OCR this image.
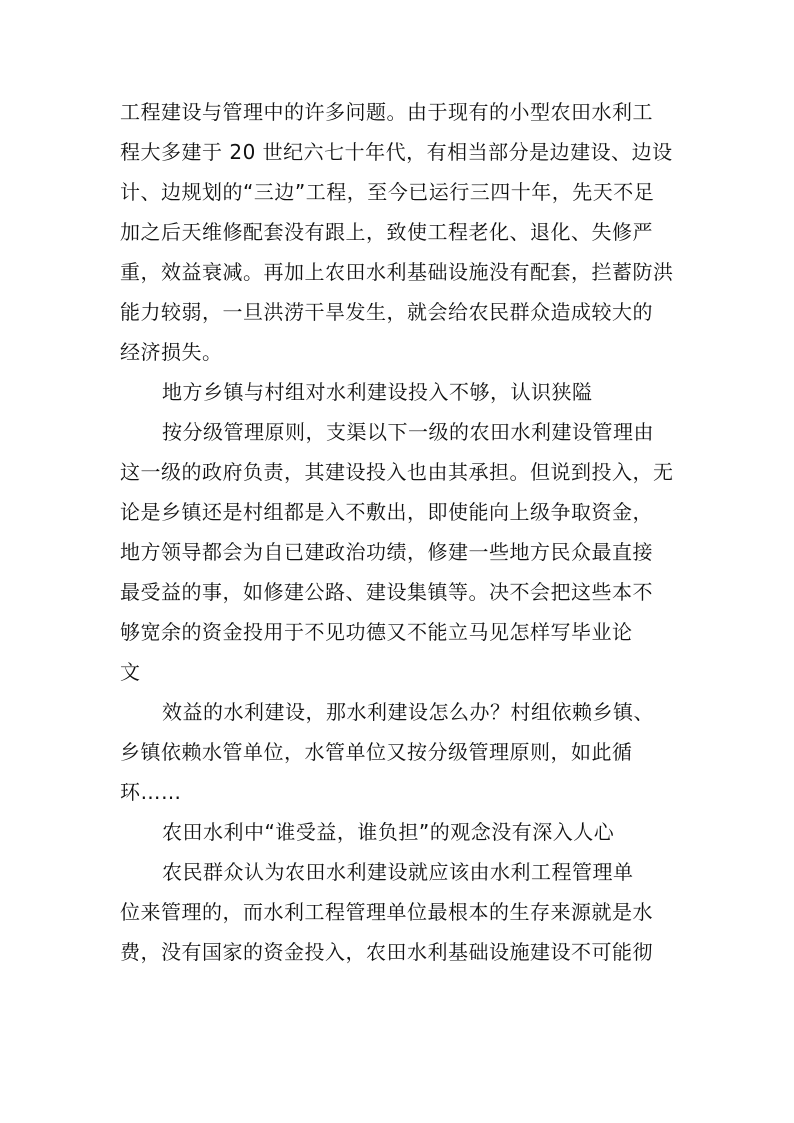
工程建设与管理中的许多问题。由于现有的小型农田水利工
程大多建于 20 世纪六七十年代，有相当部分是边建设、边设
计、边规划的“三边”工程，至今已运行三四十年，先天不足
加之后天维修配套没有跟上，致使工程老化、退化、失修严
重，效益衰减。再加上农田水利基础设施没有配套，拦蓄防洪
能力较弱，一旦洪涝干旱发生，就会给农民群众造成较大的
经济损失。
地方乡镇与村组对水利建设投入不够，认识狭隘
按分级管理原则，支渠以下一级的农田水利建设管理由
这一级的政府负责，其建设投入也由其承担。但说到投入，无
论是乡镇还是村组都是入不敷出，即使能向上级争取资金，
地方领导都会为自已建政治功绩，修建一些地方民众最直接
最受益的事，如修建公路、建设集镇等。决不会把这些本不
够宽余的资金投用于不见功德又不能立马见怎样写毕业论
文
效益的水利建设，那水利建设怎么办？村组依赖乡镇、
乡镇依赖水管单位，水管单位又按分级管理原则，如此循
环……
农田水利中“谁受益，谁负担”的观念没有深入人心
农民群众认为农田水利建设就应该由水利工程管理单
位来管理的，而水利工程管理单位最根本的生存来源就是水
费，没有国家的资金投入，农田水利基础设施建设不可能彻
